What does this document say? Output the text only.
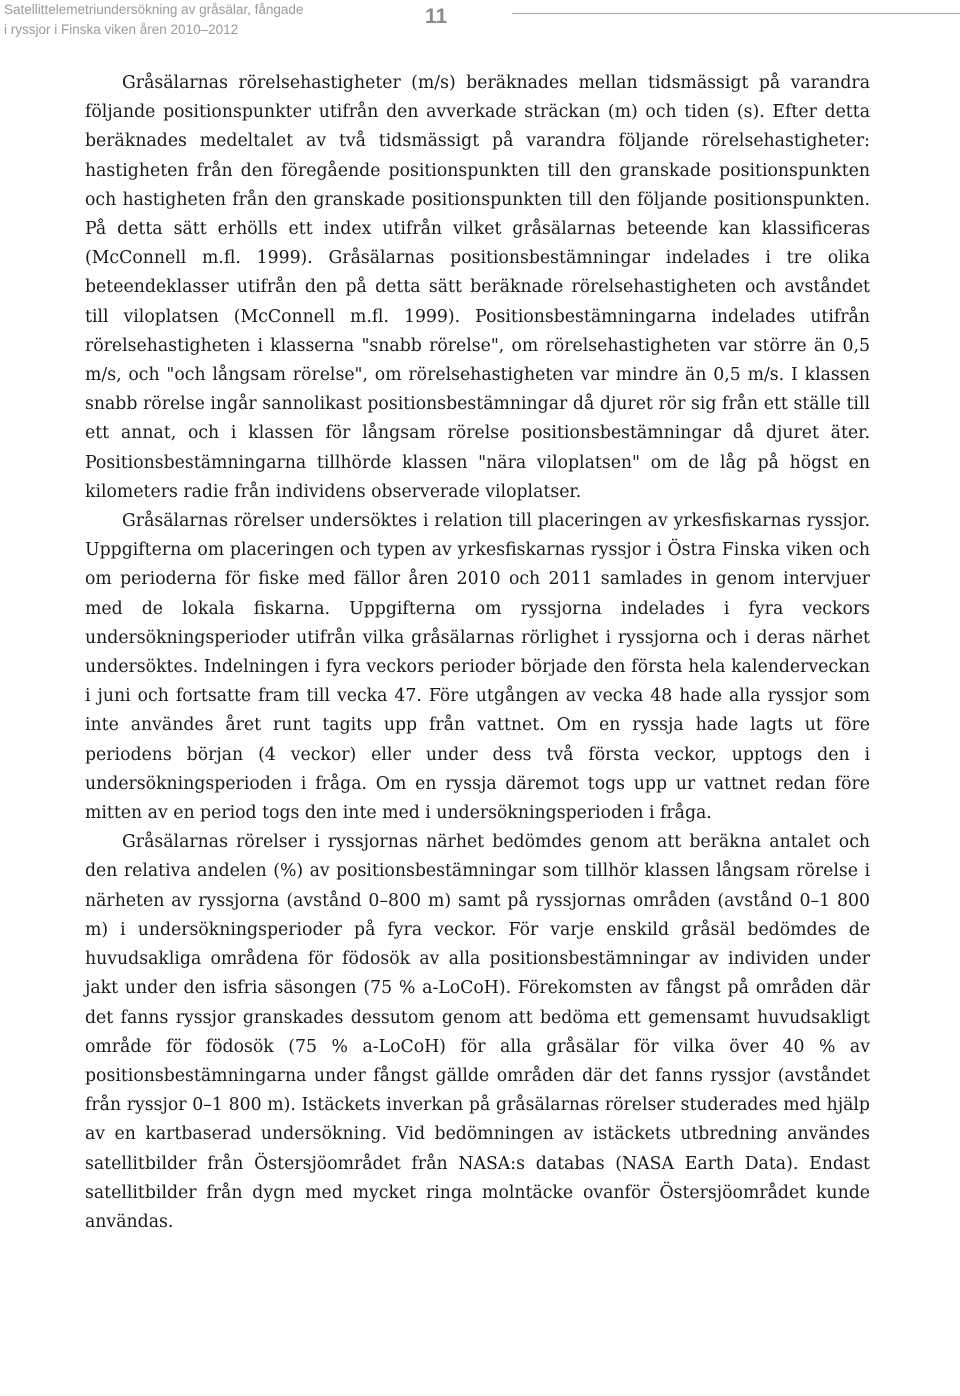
Satellittelemetriundersökning av gråsälar, fångade
i ryssjor i Finska viken åren 2010–2012
11

Gråsälarnas rörelsehastigheter (m/s) beräknades mellan tidsmässigt på varandra följande positionspunkter utifrån den avverkade sträckan (m) och tiden (s). Efter detta beräknades medeltalet av två tidsmässigt på varandra följande rörelsehastigheter: hastigheten från den föregående positionspunkten till den granskade positionspunkten och hastigheten från den granskade positionspunkten till den följande positionspunkten. På detta sätt erhölls ett index utifrån vilket gråsälarnas beteende kan klassificeras (McConnell m.fl. 1999). Gråsälarnas positionsbestämningar indelades i tre olika beteendeklasser utifrån den på detta sätt beräknade rörelsehastigheten och avståndet till viloplatsen (McConnell m.fl. 1999). Positionsbestämningarna indelades utifrån rörelsehastigheten i klasserna "snabb rörelse", om rörelsehastigheten var större än 0,5 m/s, och "och långsam rörelse", om rörelsehastigheten var mindre än 0,5 m/s. I klassen snabb rörelse ingår sannolikast positionsbestämningar då djuret rör sig från ett ställe till ett annat, och i klassen för långsam rörelse positionsbestämningar då djuret äter. Positionsbestämningarna tillhörde klassen "nära viloplatsen" om de låg på högst en kilometers radie från individens observerade viloplatser.

Gråsälarnas rörelser undersöktes i relation till placeringen av yrkesfiskarnas ryssjor. Uppgifterna om placeringen och typen av yrkesfiskarnas ryssjor i Östra Finska viken och om perioderna för fiske med fällor åren 2010 och 2011 samlades in genom intervjuer med de lokala fiskarna. Uppgifterna om ryssjorna indelades i fyra veckors undersökningsperioder utifrån vilka gråsälarnas rörlighet i ryssjorna och i deras närhet undersöktes. Indelningen i fyra veckors perioder började den första hela kalenderveckan i juni och fortsatte fram till vecka 47. Före utgången av vecka 48 hade alla ryssjor som inte användes året runt tagits upp från vattnet. Om en ryssja hade lagts ut före periodens början (4 veckor) eller under dess två första veckor, upptogs den i undersökningsperioden i fråga. Om en ryssja däremot togs upp ur vattnet redan före mitten av en period togs den inte med i undersökningsperioden i fråga.

Gråsälarnas rörelser i ryssjornas närhet bedömdes genom att beräkna antalet och den relativa andelen (%) av positionsbestämningar som tillhör klassen långsam rörelse i närheten av ryssjorna (avstånd 0–800 m) samt på ryssjornas områden (avstånd 0–1 800 m) i undersökningsperioder på fyra veckor. För varje enskild gråsäl bedömdes de huvudsakliga områdena för födosök av alla positionsbestämningar av individen under jakt under den isfria säsongen (75 % a-LoCoH). Förekomsten av fångst på områden där det fanns ryssjor granskades dessutom genom att bedöma ett gemensamt huvudsakligt område för födosök (75 % a-LoCoH) för alla gråsälar för vilka över 40 % av positionsbestämningarna under fångst gällde områden där det fanns ryssjor (avståndet från ryssjor 0–1 800 m). Istäckets inverkan på gråsälarnas rörelser studerades med hjälp av en kartbaserad undersökning. Vid bedömningen av istäckets utbredning användes satellitbilder från Östersjöområdet från NASA:s databas (NASA Earth Data). Endast satellitbilder från dygn med mycket ringa molntäcke ovanför Östersjöområdet kunde användas.
